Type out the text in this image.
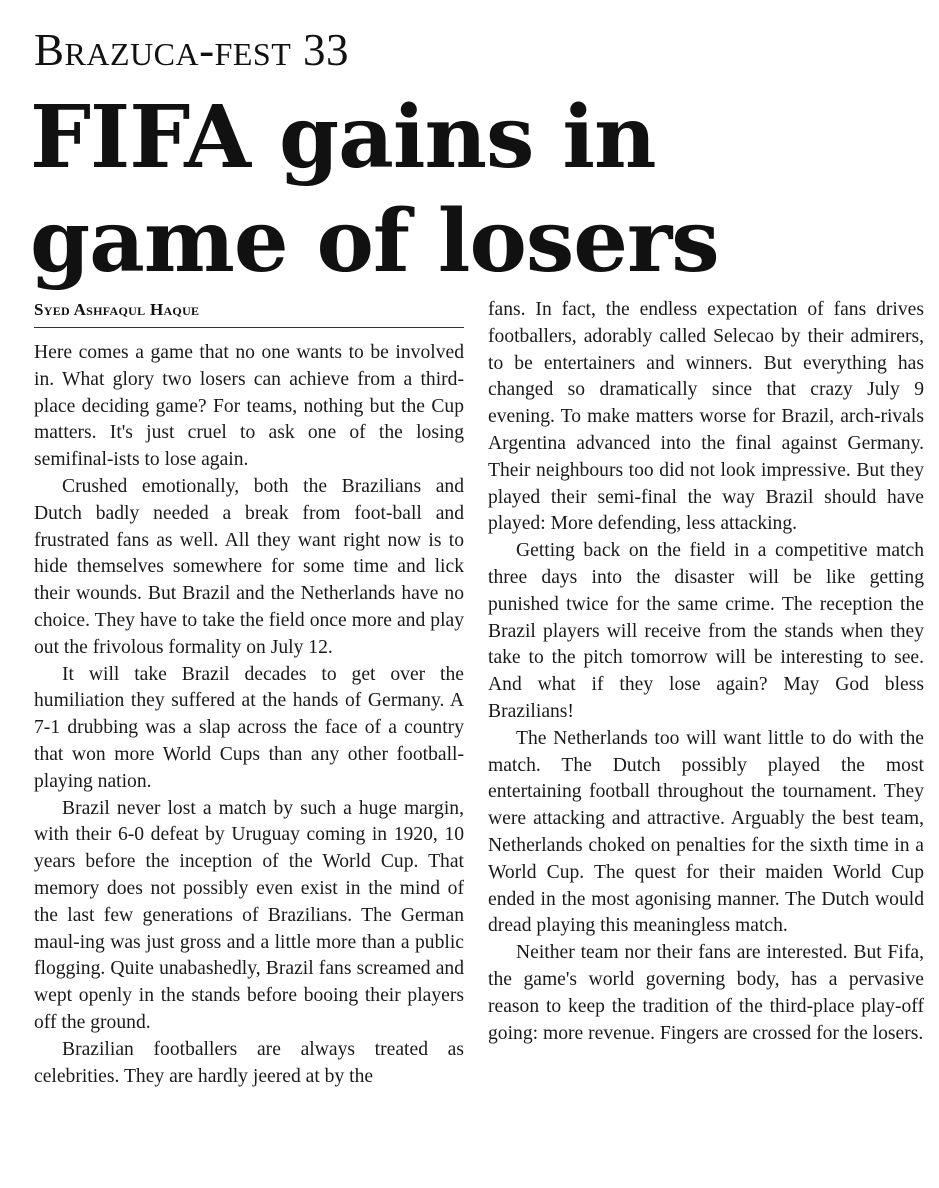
Brazuca-fest 33
FIFA gains in game of losers
Syed Ashfaqul Haque

Here comes a game that no one wants to be involved in. What glory two losers can achieve from a third-place deciding game? For teams, nothing but the Cup matters. It's just cruel to ask one of the losing semifinal-ists to lose again.

Crushed emotionally, both the Brazilians and Dutch badly needed a break from foot-ball and frustrated fans as well. All they want right now is to hide themselves somewhere for some time and lick their wounds. But Brazil and the Netherlands have no choice. They have to take the field once more and play out the frivolous formality on July 12.

It will take Brazil decades to get over the humiliation they suffered at the hands of Germany. A 7-1 drubbing was a slap across the face of a country that won more World Cups than any other football-playing nation.

Brazil never lost a match by such a huge margin, with their 6-0 defeat by Uruguay coming in 1920, 10 years before the inception of the World Cup. That memory does not possibly even exist in the mind of the last few generations of Brazilians. The German maul-ing was just gross and a little more than a public flogging. Quite unabashedly, Brazil fans screamed and wept openly in the stands before booing their players off the ground.

Brazilian footballers are always treated as celebrities. They are hardly jeered at by the

fans. In fact, the endless expectation of fans drives footballers, adorably called Selecao by their admirers, to be entertainers and winners. But everything has changed so dramatically since that crazy July 9 evening. To make matters worse for Brazil, arch-rivals Argentina advanced into the final against Germany. Their neighbours too did not look impressive. But they played their semi-final the way Brazil should have played: More defending, less attacking.

Getting back on the field in a competitive match three days into the disaster will be like getting punished twice for the same crime. The reception the Brazil players will receive from the stands when they take to the pitch tomorrow will be interesting to see. And what if they lose again? May God bless Brazilians!

The Netherlands too will want little to do with the match. The Dutch possibly played the most entertaining football throughout the tournament. They were attacking and attractive. Arguably the best team, Netherlands choked on penalties for the sixth time in a World Cup. The quest for their maiden World Cup ended in the most agonising manner. The Dutch would dread playing this meaningless match.

Neither team nor their fans are interested. But Fifa, the game's world governing body, has a pervasive reason to keep the tradition of the third-place play-off going: more revenue. Fingers are crossed for the losers.
